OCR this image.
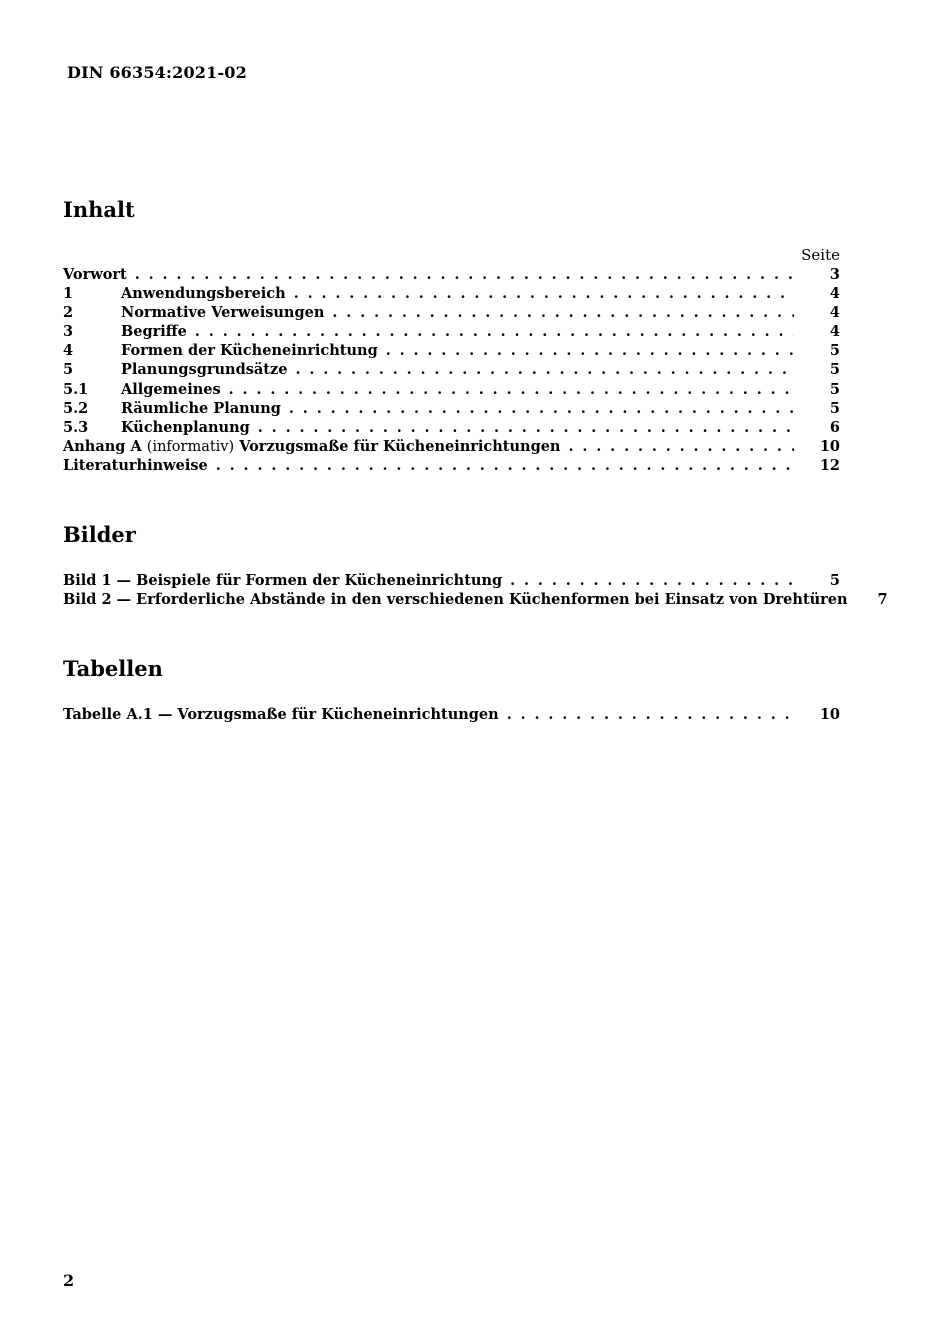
DIN 66354:2021-02
Inhalt
Seite
Vorwort . . .	3
1	Anwendungsbereich . . .	4
2	Normative Verweisungen . . .	4
3	Begriffe . . .	4
4	Formen der Kücheneinrichtung . . .	5
5	Planungsgrundsätze . . .	5
5.1	Allgemeines . . .	5
5.2	Räumliche Planung . . .	5
5.3	Küchenplanung . . .	6
Anhang A (informativ) Vorzugsmaße für Kücheneinrichtungen . . .	10
Literaturhinweise . . .	12
Bilder
Bild 1 — Beispiele für Formen der Kücheneinrichtung . . .	5
Bild 2 — Erforderliche Abstände in den verschiedenen Küchenformen bei Einsatz von Drehtüren	7
Tabellen
Tabelle A.1 — Vorzugsmaße für Kücheneinrichtungen . . .	10
2
